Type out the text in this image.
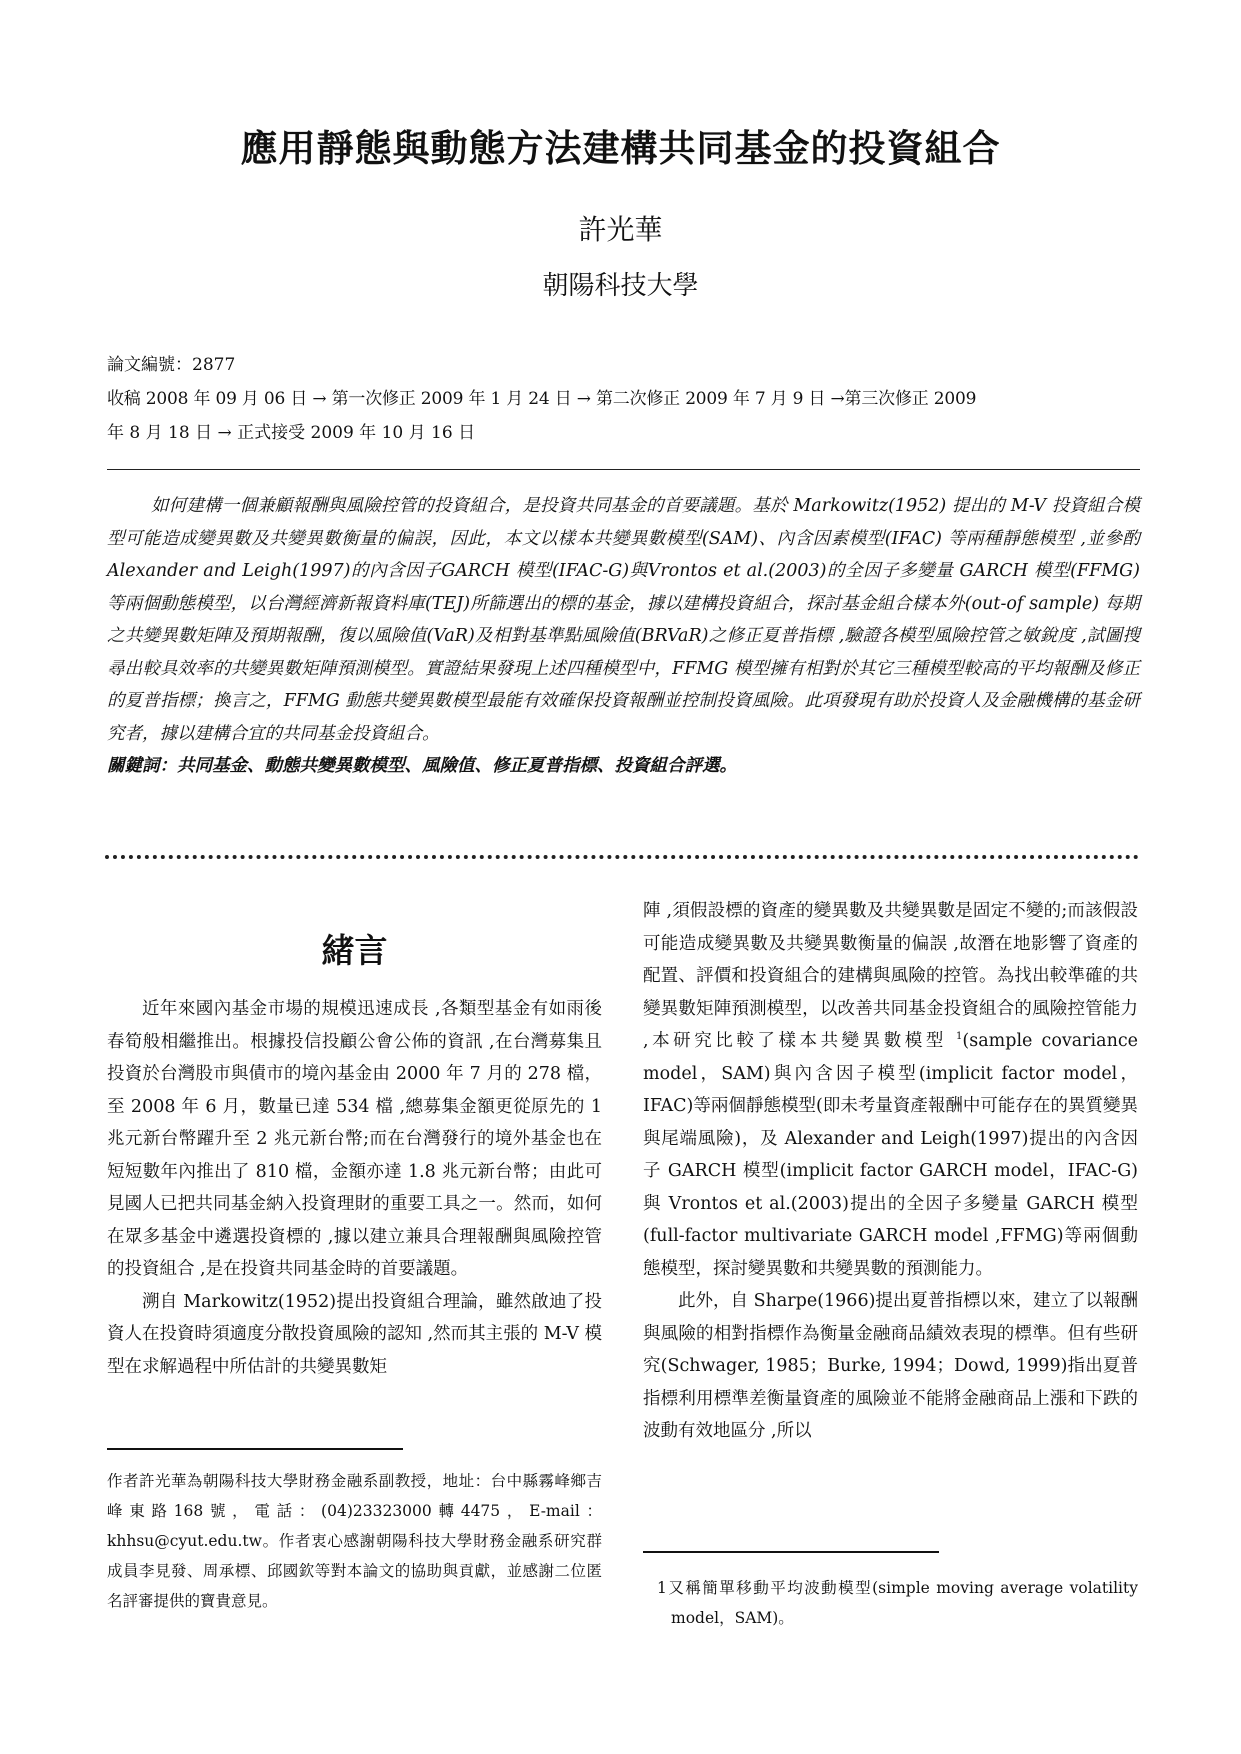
應用靜態與動態方法建構共同基金的投資組合
許光華
朝陽科技大學
論文編號：2877
收稿 2008 年 09 月 06 日 → 第一次修正 2009 年 1 月 24 日 → 第二次修正 2009 年 7 月 9 日 →第三次修正 2009
年 8 月 18 日 → 正式接受 2009 年 10 月 16 日

如何建構一個兼顧報酬與風險控管的投資組合，是投資共同基金的首要議題。基於 Markowitz(1952) 提出的 M-V 投資組合模型可能造成變異數及共變異數衡量的偏誤，因此，本文以樣本共變異數模型(SAM)、內含因素模型(IFAC) 等兩種靜態模型 ,並參酌Alexander and Leigh(1997)的內含因子GARCH 模型(IFAC-G)與Vrontos et al.(2003)的全因子多變量 GARCH 模型(FFMG) 等兩個動態模型，以台灣經濟新報資料庫(TEJ)所篩選出的標的基金，據以建構投資組合，探討基金組合樣本外(out-of sample) 每期之共變異數矩陣及預期報酬，復以風險值(VaR)及相對基準點風險值(BRVaR)之修正夏普指標 ,驗證各模型風險控管之敏銳度 ,試圖搜尋出較具效率的共變異數矩陣預測模型。實證結果發現上述四種模型中，FFMG 模型擁有相對於其它三種模型較高的平均報酬及修正的夏普指標；換言之，FFMG 動態共變異數模型最能有效確保投資報酬並控制投資風險。此項發現有助於投資人及金融機構的基金研究者，據以建構合宜的共同基金投資組合。

關鍵詞：共同基金、動態共變異數模型、風險值、修正夏普指標、投資組合評選。

緒言

近年來國內基金市場的規模迅速成長 ,各類型基金有如雨後春筍般相繼推出。根據投信投顧公會公佈的資訊 ,在台灣募集且投資於台灣股市與債市的境內基金由 2000 年 7 月的 278 檔，至 2008 年 6 月，數量已達 534 檔 ,總募集金額更從原先的 1 兆元新台幣躍升至 2 兆元新台幣;而在台灣發行的境外基金也在短短數年內推出了 810 檔，金額亦達 1.8 兆元新台幣；由此可見國人已把共同基金納入投資理財的重要工具之一。然而，如何在眾多基金中遴選投資標的 ,據以建立兼具合理報酬與風險控管的投資組合 ,是在投資共同基金時的首要議題。

溯自 Markowitz(1952)提出投資組合理論，雖然啟迪了投資人在投資時須適度分散投資風險的認知 ,然而其主張的 M-V 模型在求解過程中所估計的共變異數矩

作者許光華為朝陽科技大學財務金融系副教授，地址：台中縣霧峰鄉吉峰東路168號，電話：(04)23323000轉4475，E-mail：khhsu@cyut.edu.tw。作者衷心感謝朝陽科技大學財務金融系研究群成員李見發、周承標、邱國欽等對本論文的協助與貢獻，並感謝二位匿名評審提供的寶貴意見。

陣 ,須假設標的資產的變異數及共變異數是固定不變的;而該假設可能造成變異數及共變異數衡量的偏誤 ,故潛在地影響了資產的配置、評價和投資組合的建構與風險的控管。為找出較準確的共變異數矩陣預測模型，以改善共同基金投資組合的風險控管能力 ,本研究比較了樣本共變異數模型 $^1$(sample covariance model，SAM)與內含因子模型(implicit factor model，IFAC)等兩個靜態模型(即未考量資產報酬中可能存在的異質變異與尾端風險)，及 Alexander and Leigh(1997)提出的內含因子 GARCH 模型(implicit factor GARCH model，IFAC-G)與 Vrontos et al.(2003)提出的全因子多變量 GARCH 模型(full-factor multivariate GARCH model ,FFMG)等兩個動態模型，探討變異數和共變異數的預測能力。

此外，自 Sharpe(1966)提出夏普指標以來，建立了以報酬與風險的相對指標作為衡量金融商品績效表現的標準。但有些研究(Schwager, 1985；Burke, 1994；Dowd, 1999)指出夏普指標利用標準差衡量資產的風險並不能將金融商品上漲和下跌的波動有效地區分 ,所以

1又稱簡單移動平均波動模型(simple moving average volatility model，SAM)。
